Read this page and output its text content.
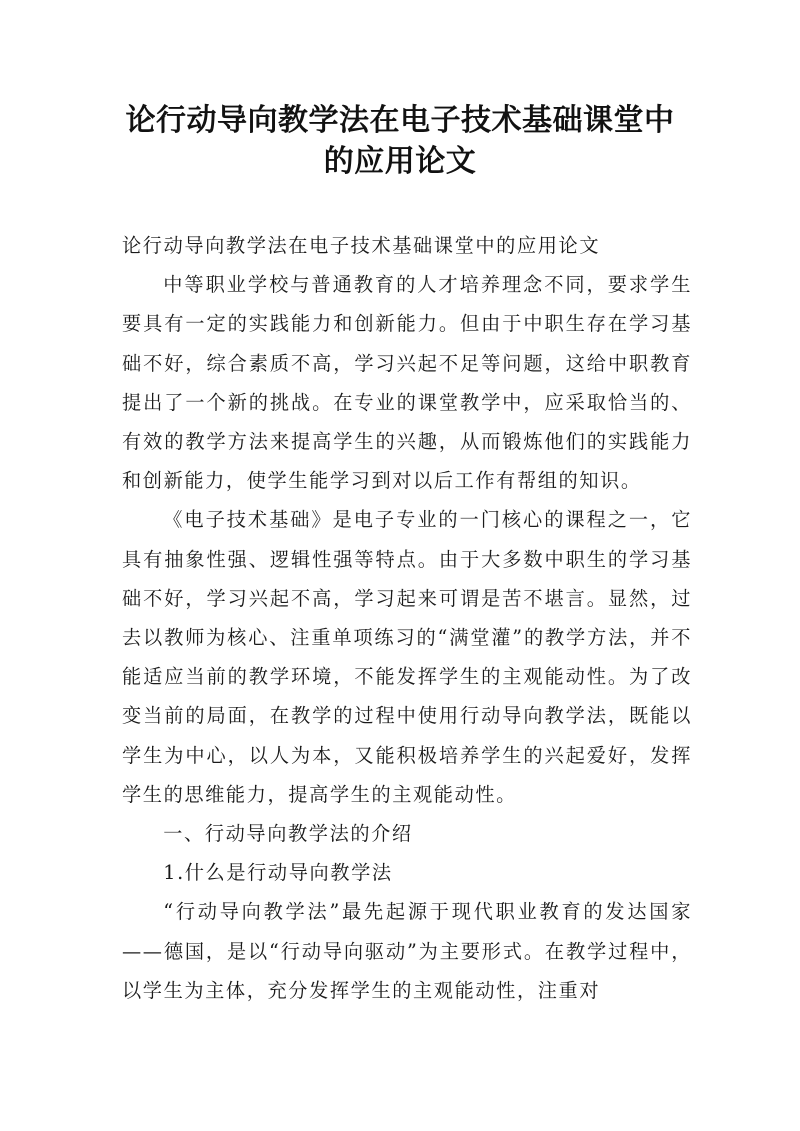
论行动导向教学法在电子技术基础课堂中
的应用论文

论行动导向教学法在电子技术基础课堂中的应用论文

中等职业学校与普通教育的人才培养理念不同，要求学生要具有一定的实践能力和创新能力。但由于中职生存在学习基础不好，综合素质不高，学习兴起不足等问题，这给中职教育提出了一个新的挑战。在专业的课堂教学中，应采取恰当的、有效的教学方法来提高学生的兴趣，从而锻炼他们的实践能力和创新能力，使学生能学习到对以后工作有帮组的知识。

《电子技术基础》是电子专业的一门核心的课程之一，它具有抽象性强、逻辑性强等特点。由于大多数中职生的学习基础不好，学习兴起不高，学习起来可谓是苦不堪言。显然，过去以教师为核心、注重单项练习的“满堂灌”的教学方法，并不能适应当前的教学环境，不能发挥学生的主观能动性。为了改变当前的局面，在教学的过程中使用行动导向教学法，既能以学生为中心，以人为本，又能积极培养学生的兴起爱好，发挥学生的思维能力，提高学生的主观能动性。

一、行动导向教学法的介绍

1.什么是行动导向教学法

“行动导向教学法”最先起源于现代职业教育的发达国家——德国，是以“行动导向驱动”为主要形式。在教学过程中，以学生为主体，充分发挥学生的主观能动性，注重对
